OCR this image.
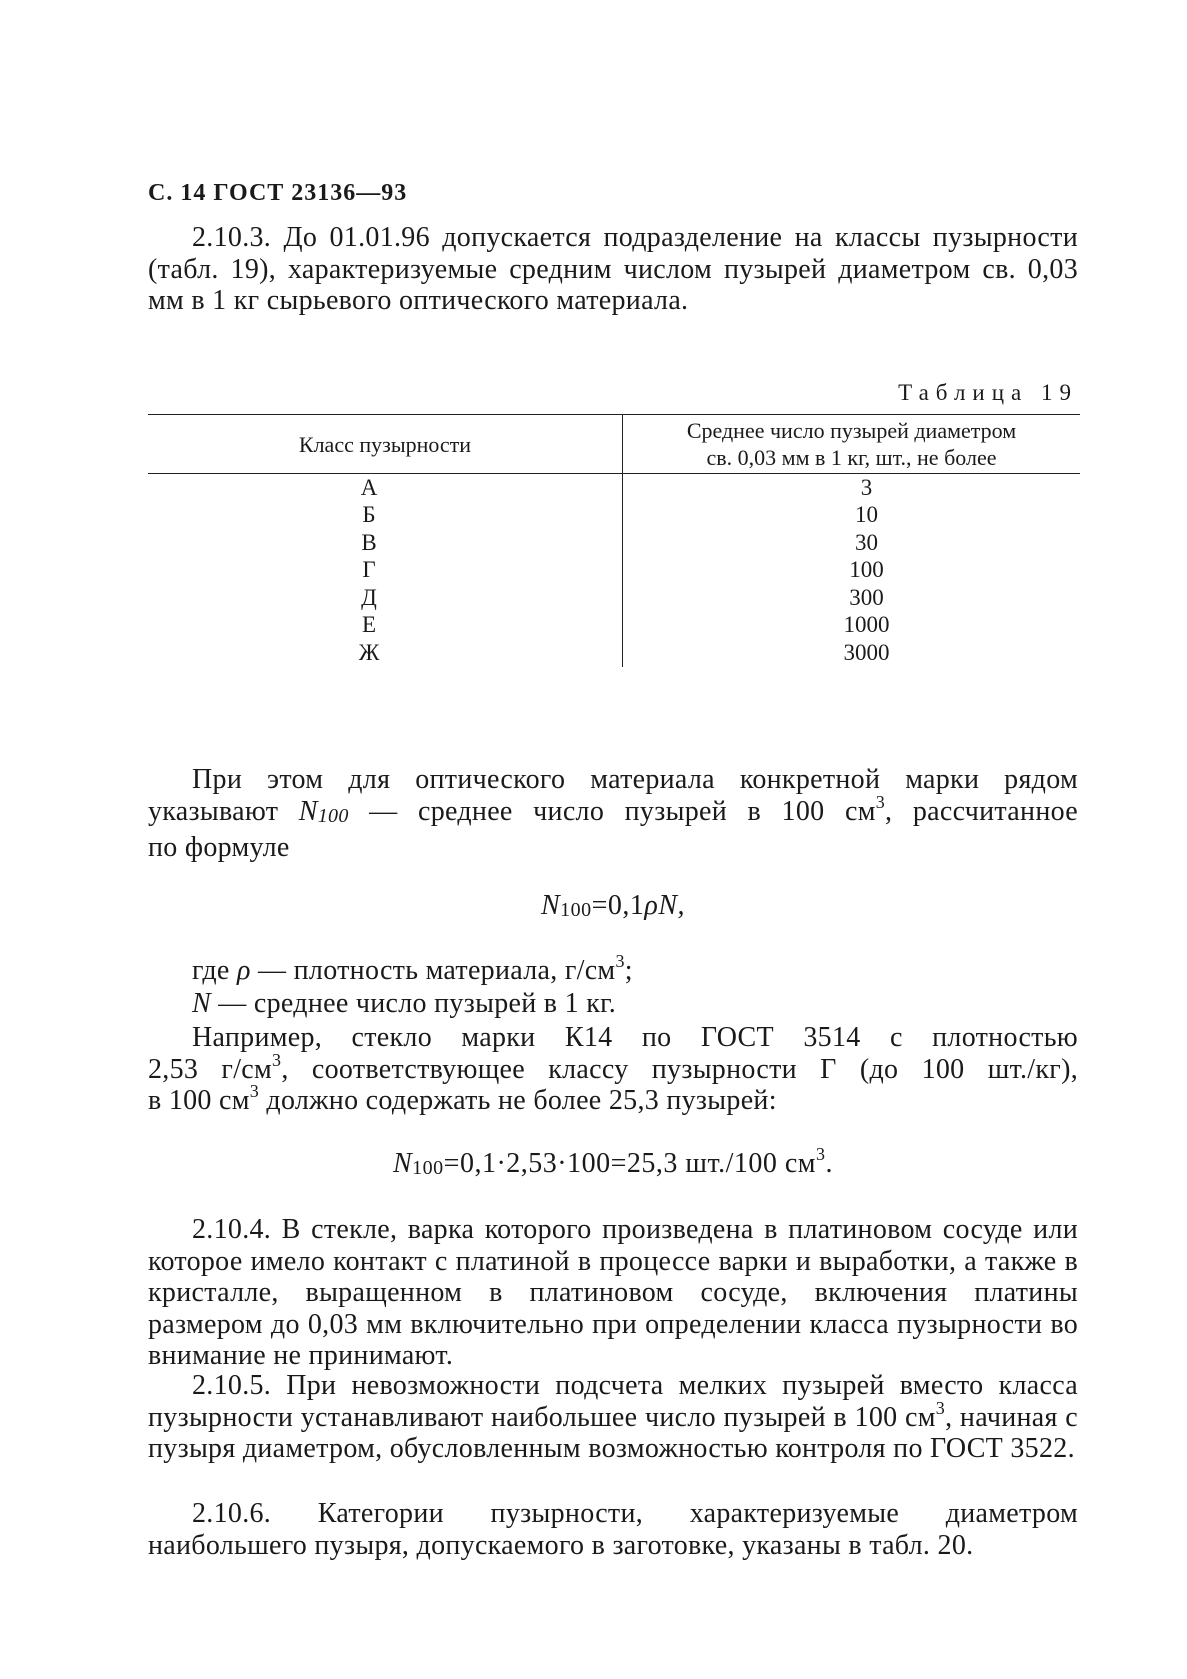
С. 14 ГОСТ 23136—93
2.10.3. До 01.01.96 допускается подразделение на классы пузырности (табл. 19), характеризуемые средним числом пузырей диаметром св. 0,03 мм в 1 кг сырьевого оптического материала.
Таблица 19
Класс пузырности	Среднее число пузырей диаметром
св. 0,03 мм в 1 кг, шт., не более

А	3
Б	10
В	30
Г	100
Д	300
Е	1000
Ж	3000
При этом для оптического материала конкретной марки рядом
указывают $N_{100}$ — среднее число пузырей в 100 $см^3$, рассчитанное
по формуле
$N_{100}=0,1\rho N$,
где ρ — плотность материала, $г/см^3$;
N — среднее число пузырей в 1 кг.
Например, стекло марки К14 по ГОСТ 3514 с плотностью
2,53 $г/см^3$, соответствующее классу пузырности Г (до 100 шт./кг),
в 100 $см^3$ должно содержать не более 25,3 пузырей:
$N_{100}=0,1\cdot 2,53\cdot 100=25,3$ шт./100 $см^3$.
2.10.4. В стекле, варка которого произведена в платиновом сосуде или которое имело контакт с платиной в процессе варки и выработки, а также в кристалле, выращенном в платиновом сосуде, включения платины размером до 0,03 мм включительно при определении класса пузырности во внимание не принимают.
2.10.5. При невозможности подсчета мелких пузырей вместо класса пузырности устанавливают наибольшее число пузырей в 100 $см^3$, начиная с пузыря диаметром, обусловленным возможностью контроля по ГОСТ 3522.
2.10.6. Категории пузырности, характеризуемые диаметром наибольшего пузыря, допускаемого в заготовке, указаны в табл. 20.
